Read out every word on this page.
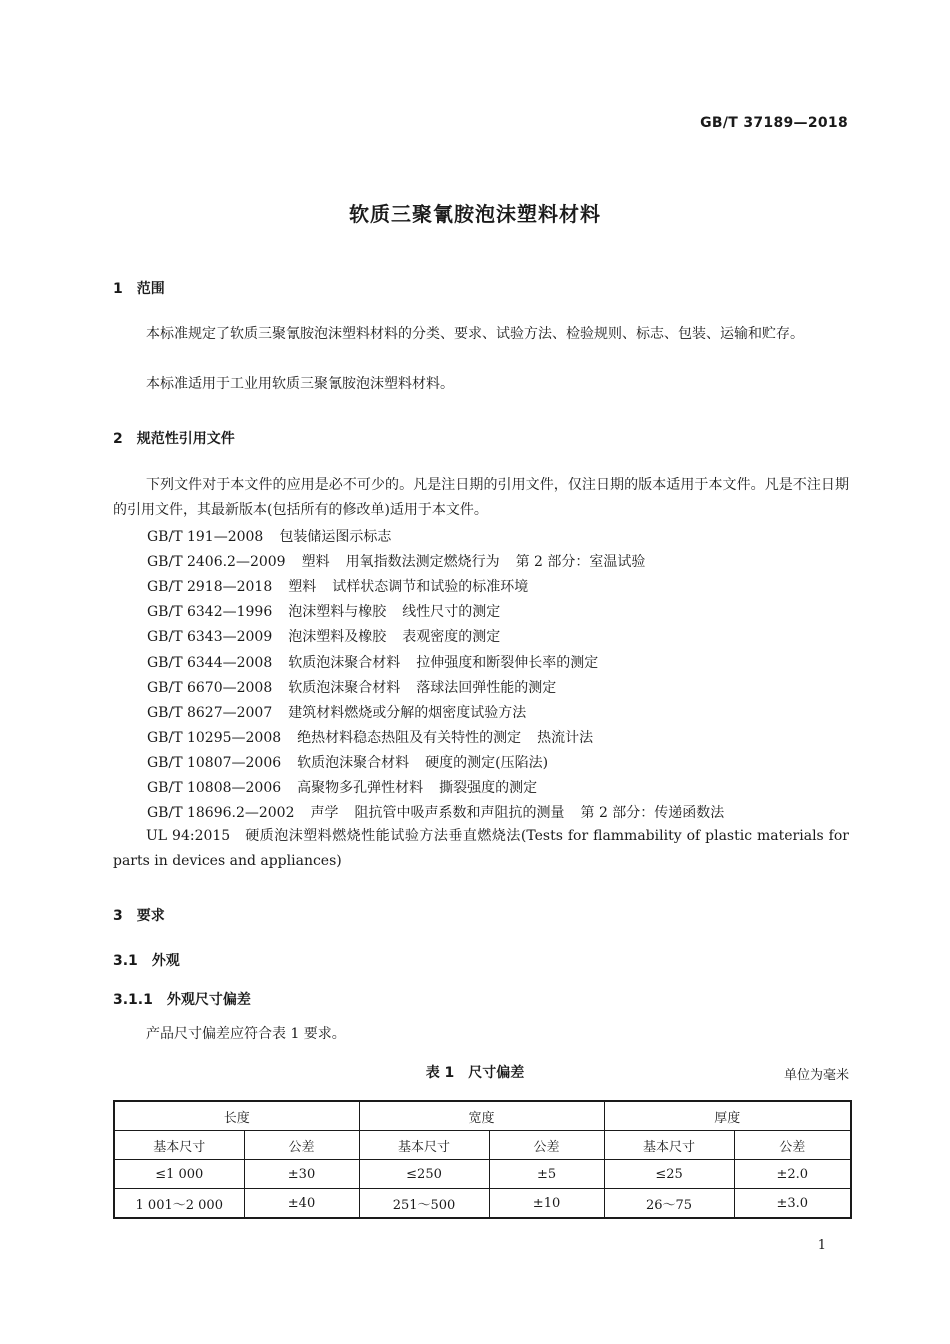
GB/T 37189—2018
软质三聚氰胺泡沫塑料材料
1 范围
本标准规定了软质三聚氰胺泡沫塑料材料的分类、要求、试验方法、检验规则、标志、包装、运输和贮存。
本标准适用于工业用软质三聚氰胺泡沫塑料材料。
2 规范性引用文件
下列文件对于本文件的应用是必不可少的。凡是注日期的引用文件，仅注日期的版本适用于本文件。凡是不注日期的引用文件，其最新版本(包括所有的修改单)适用于本文件。
GB/T 191—2008 包装储运图示标志
GB/T 2406.2—2009 塑料 用氧指数法测定燃烧行为 第 2 部分：室温试验
GB/T 2918—2018 塑料 试样状态调节和试验的标准环境
GB/T 6342—1996 泡沫塑料与橡胶 线性尺寸的测定
GB/T 6343—2009 泡沫塑料及橡胶 表观密度的测定
GB/T 6344—2008 软质泡沫聚合材料 拉伸强度和断裂伸长率的测定
GB/T 6670—2008 软质泡沫聚合材料 落球法回弹性能的测定
GB/T 8627—2007 建筑材料燃烧或分解的烟密度试验方法
GB/T 10295—2008 绝热材料稳态热阻及有关特性的测定 热流计法
GB/T 10807—2006 软质泡沫聚合材料 硬度的测定(压陷法)
GB/T 10808—2006 高聚物多孔弹性材料 撕裂强度的测定
GB/T 18696.2—2002 声学 阻抗管中吸声系数和声阻抗的测量 第 2 部分：传递函数法
UL 94:2015　硬质泡沫塑料燃烧性能试验方法垂直燃烧法(Tests for flammability of plastic materials for parts in devices and appliances)
3 要求
3.1 外观
3.1.1 外观尺寸偏差
产品尺寸偏差应符合表 1 要求。
表 1　尺寸偏差	单位为毫米
长度		宽度		厚度	
基本尺寸	公差	基本尺寸	公差	基本尺寸	公差
≤1 000	±30	≤250	±5	≤25	±2.0
1 001～2 000	±40	251～500	±10	26～75	±3.0
1
